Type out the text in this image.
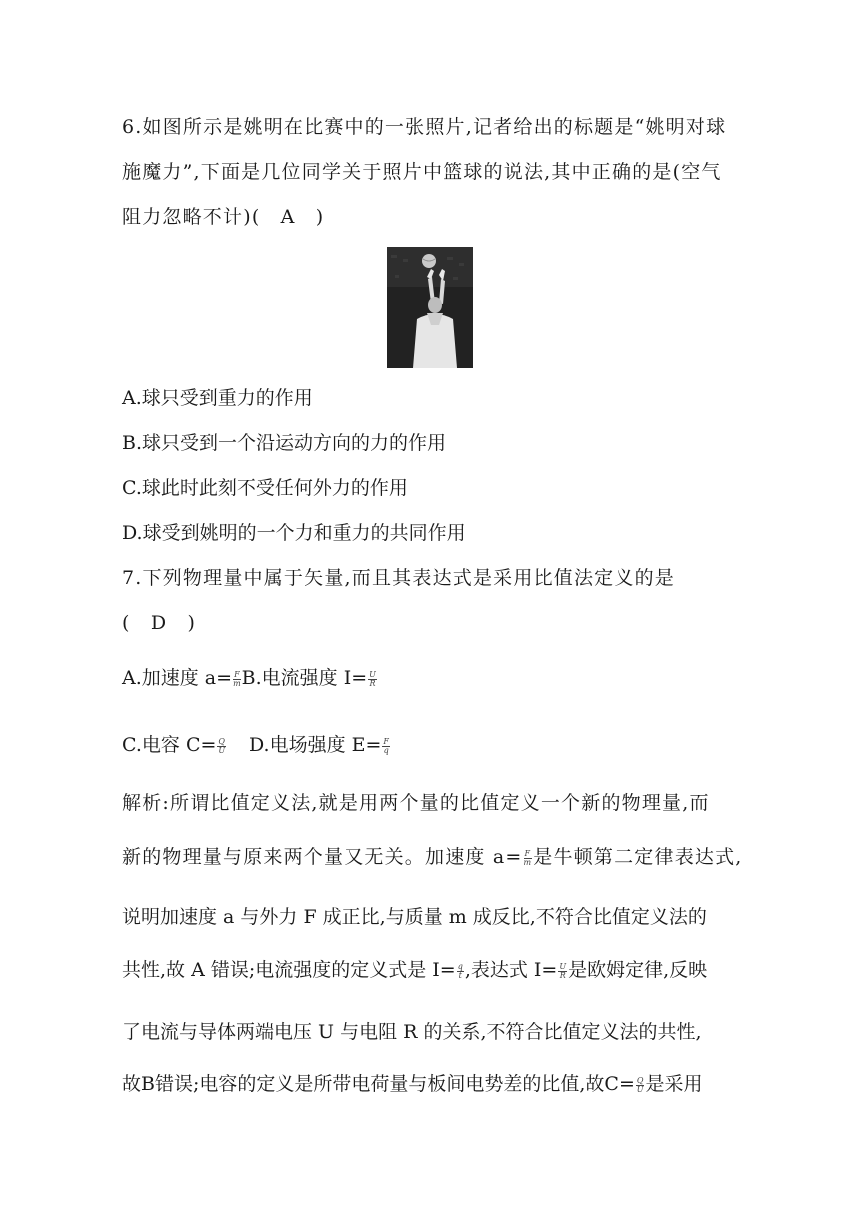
6.如图所示是姚明在比赛中的一张照片,记者给出的标题是“姚明对球
施魔力”,下面是几位同学关于照片中篮球的说法,其中正确的是(空气
阻力忽略不计)(　A　)
A.球只受到重力的作用
B.球只受到一个沿运动方向的力的作用
C.球此时此刻不受任何外力的作用
D.球受到姚明的一个力和重力的共同作用
7.下列物理量中属于矢量,而且其表达式是采用比值法定义的是
(　D　)
A.加速度 $a= \frac{F}{m} B$.电流强度 $I= \frac{U}{R}$
C.电容 $C= \frac{Q}{U} D$.电场强度 $E= \frac{F}{q}$
解析:所谓比值定义法,就是用两个量的比值定义一个新的物理量,而
新的物理量与原来两个量又无关。加速度 $a= \frac{F}{m}$ 是牛顿第二定律表达式,
说明加速度 a 与外力 F 成正比,与质量 m 成反比,不符合比值定义法的
共性,故 A 错误;电流强度的定义式是 $I= \frac{q}{t}$ ,表达式 $I= \frac{U}{R}$ 是欧姆定律,反映
了电流与导体两端电压 U 与电阻 R 的关系,不符合比值定义法的共性,
故B错误;电容的定义是所带电荷量与板间电势差的比值,故$C= \frac{Q}{U}$ 是采用
